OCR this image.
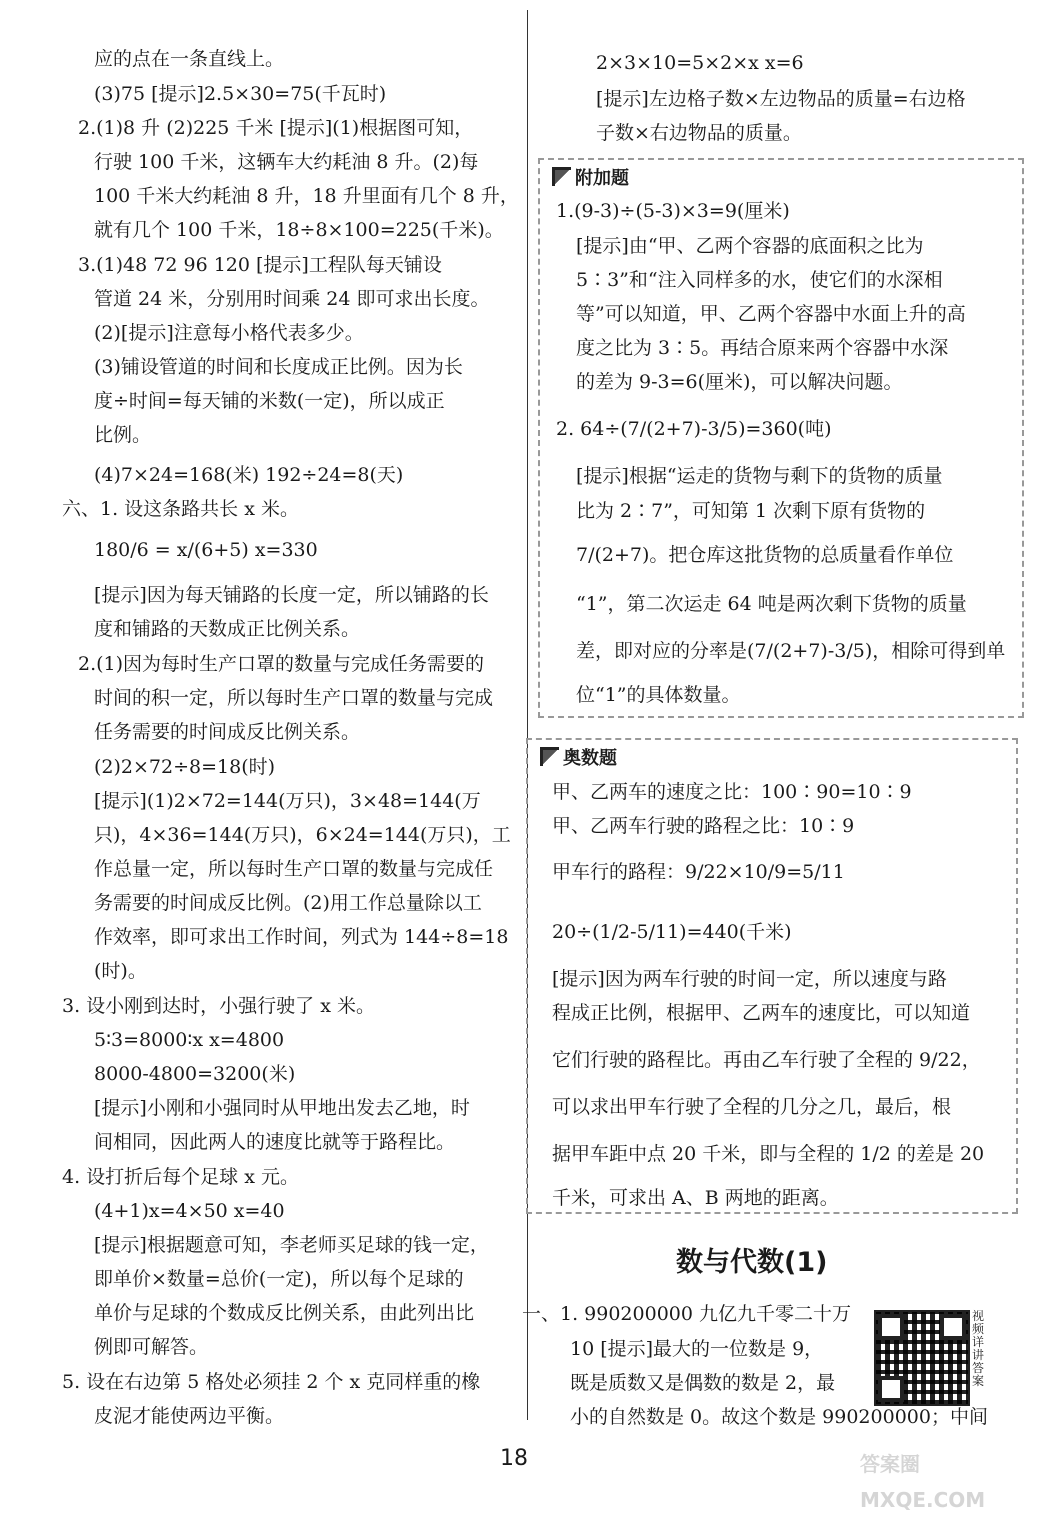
应的点在一条直线上。
(3)75 [提示]2.5×30=75(千瓦时)
2.(1)8 升 (2)225 千米 [提示](1)根据图可知，
行驶 100 千米，这辆车大约耗油 8 升。(2)每
100 千米大约耗油 8 升，18 升里面有几个 8 升，
就有几个 100 千米，18÷8×100=225(千米)。
3.(1)48 72 96 120 [提示]工程队每天铺设
管道 24 米，分别用时间乘 24 即可求出长度。
(2)[提示]注意每小格代表多少。
(3)铺设管道的时间和长度成正比例。因为长
度÷时间=每天铺的米数(一定)，所以成正
比例。
(4)7×24=168(米) 192÷24=8(天)
六、1. 设这条路共长 x 米。
180/6 = x/(6+5) x=330
[提示]因为每天铺路的长度一定，所以铺路的长
度和铺路的天数成正比例关系。
2.(1)因为每时生产口罩的数量与完成任务需要的
时间的积一定，所以每时生产口罩的数量与完成
任务需要的时间成反比例关系。
(2)2×72÷8=18(时)
[提示](1)2×72=144(万只)，3×48=144(万
只)，4×36=144(万只)，6×24=144(万只)，工
作总量一定，所以每时生产口罩的数量与完成任
务需要的时间成反比例。(2)用工作总量除以工
作效率，即可求出工作时间，列式为 144÷8=18
(时)。
3. 设小刚到达时，小强行驶了 x 米。
5∶3=8000∶x x=4800
8000-4800=3200(米)
[提示]小刚和小强同时从甲地出发去乙地，时
间相同，因此两人的速度比就等于路程比。
4. 设打折后每个足球 x 元。
(4+1)x=4×50 x=40
[提示]根据题意可知，李老师买足球的钱一定，
即单价×数量=总价(一定)，所以每个足球的
单价与足球的个数成反比例关系，由此列出比
例即可解答。
5. 设在右边第 5 格处必须挂 2 个 x 克同样重的橡
皮泥才能使两边平衡。
2×3×10=5×2×x x=6
[提示]左边格子数×左边物品的质量=右边格
子数×右边物品的质量。
附加题
1.(9-3)÷(5-3)×3=9(厘米)
[提示]由“甲、乙两个容器的底面积之比为
5∶3”和“注入同样多的水，使它们的水深相
等”可以知道，甲、乙两个容器中水面上升的高
度之比为 3∶5。再结合原来两个容器中水深
的差为 9-3=6(厘米)，可以解决问题。
2. 64÷(7/(2+7)-3/5)=360(吨)
[提示]根据“运走的货物与剩下的货物的质量
比为 2∶7”，可知第 1 次剩下原有货物的
7/(2+7)。把仓库这批货物的总质量看作单位
“1”，第二次运走 64 吨是两次剩下货物的质量
差，即对应的分率是(7/(2+7)-3/5)，相除可得到单
位“1”的具体数量。
奥数题
甲、乙两车的速度之比：100∶90=10∶9
甲、乙两车行驶的路程之比：10∶9
甲车行的路程：9/22×10/9=5/11
20÷(1/2-5/11)=440(千米)
[提示]因为两车行驶的时间一定，所以速度与路
程成正比例，根据甲、乙两车的速度比，可以知道
它们行驶的路程比。再由乙车行驶了全程的 9/22，
可以求出甲车行驶了全程的几分之几，最后，根
据甲车距中点 20 千米，即与全程的 1/2 的差是 20
千米，可求出 A、B 两地的距离。
数与代数(1)
一、1. 990200000 九亿九千零二十万
10 [提示]最大的一位数是 9，
既是质数又是偶数的数是 2，最
小的自然数是 0。故这个数是 990200000；中间
视频详讲答案
18	答案圈 MXQE.COM
